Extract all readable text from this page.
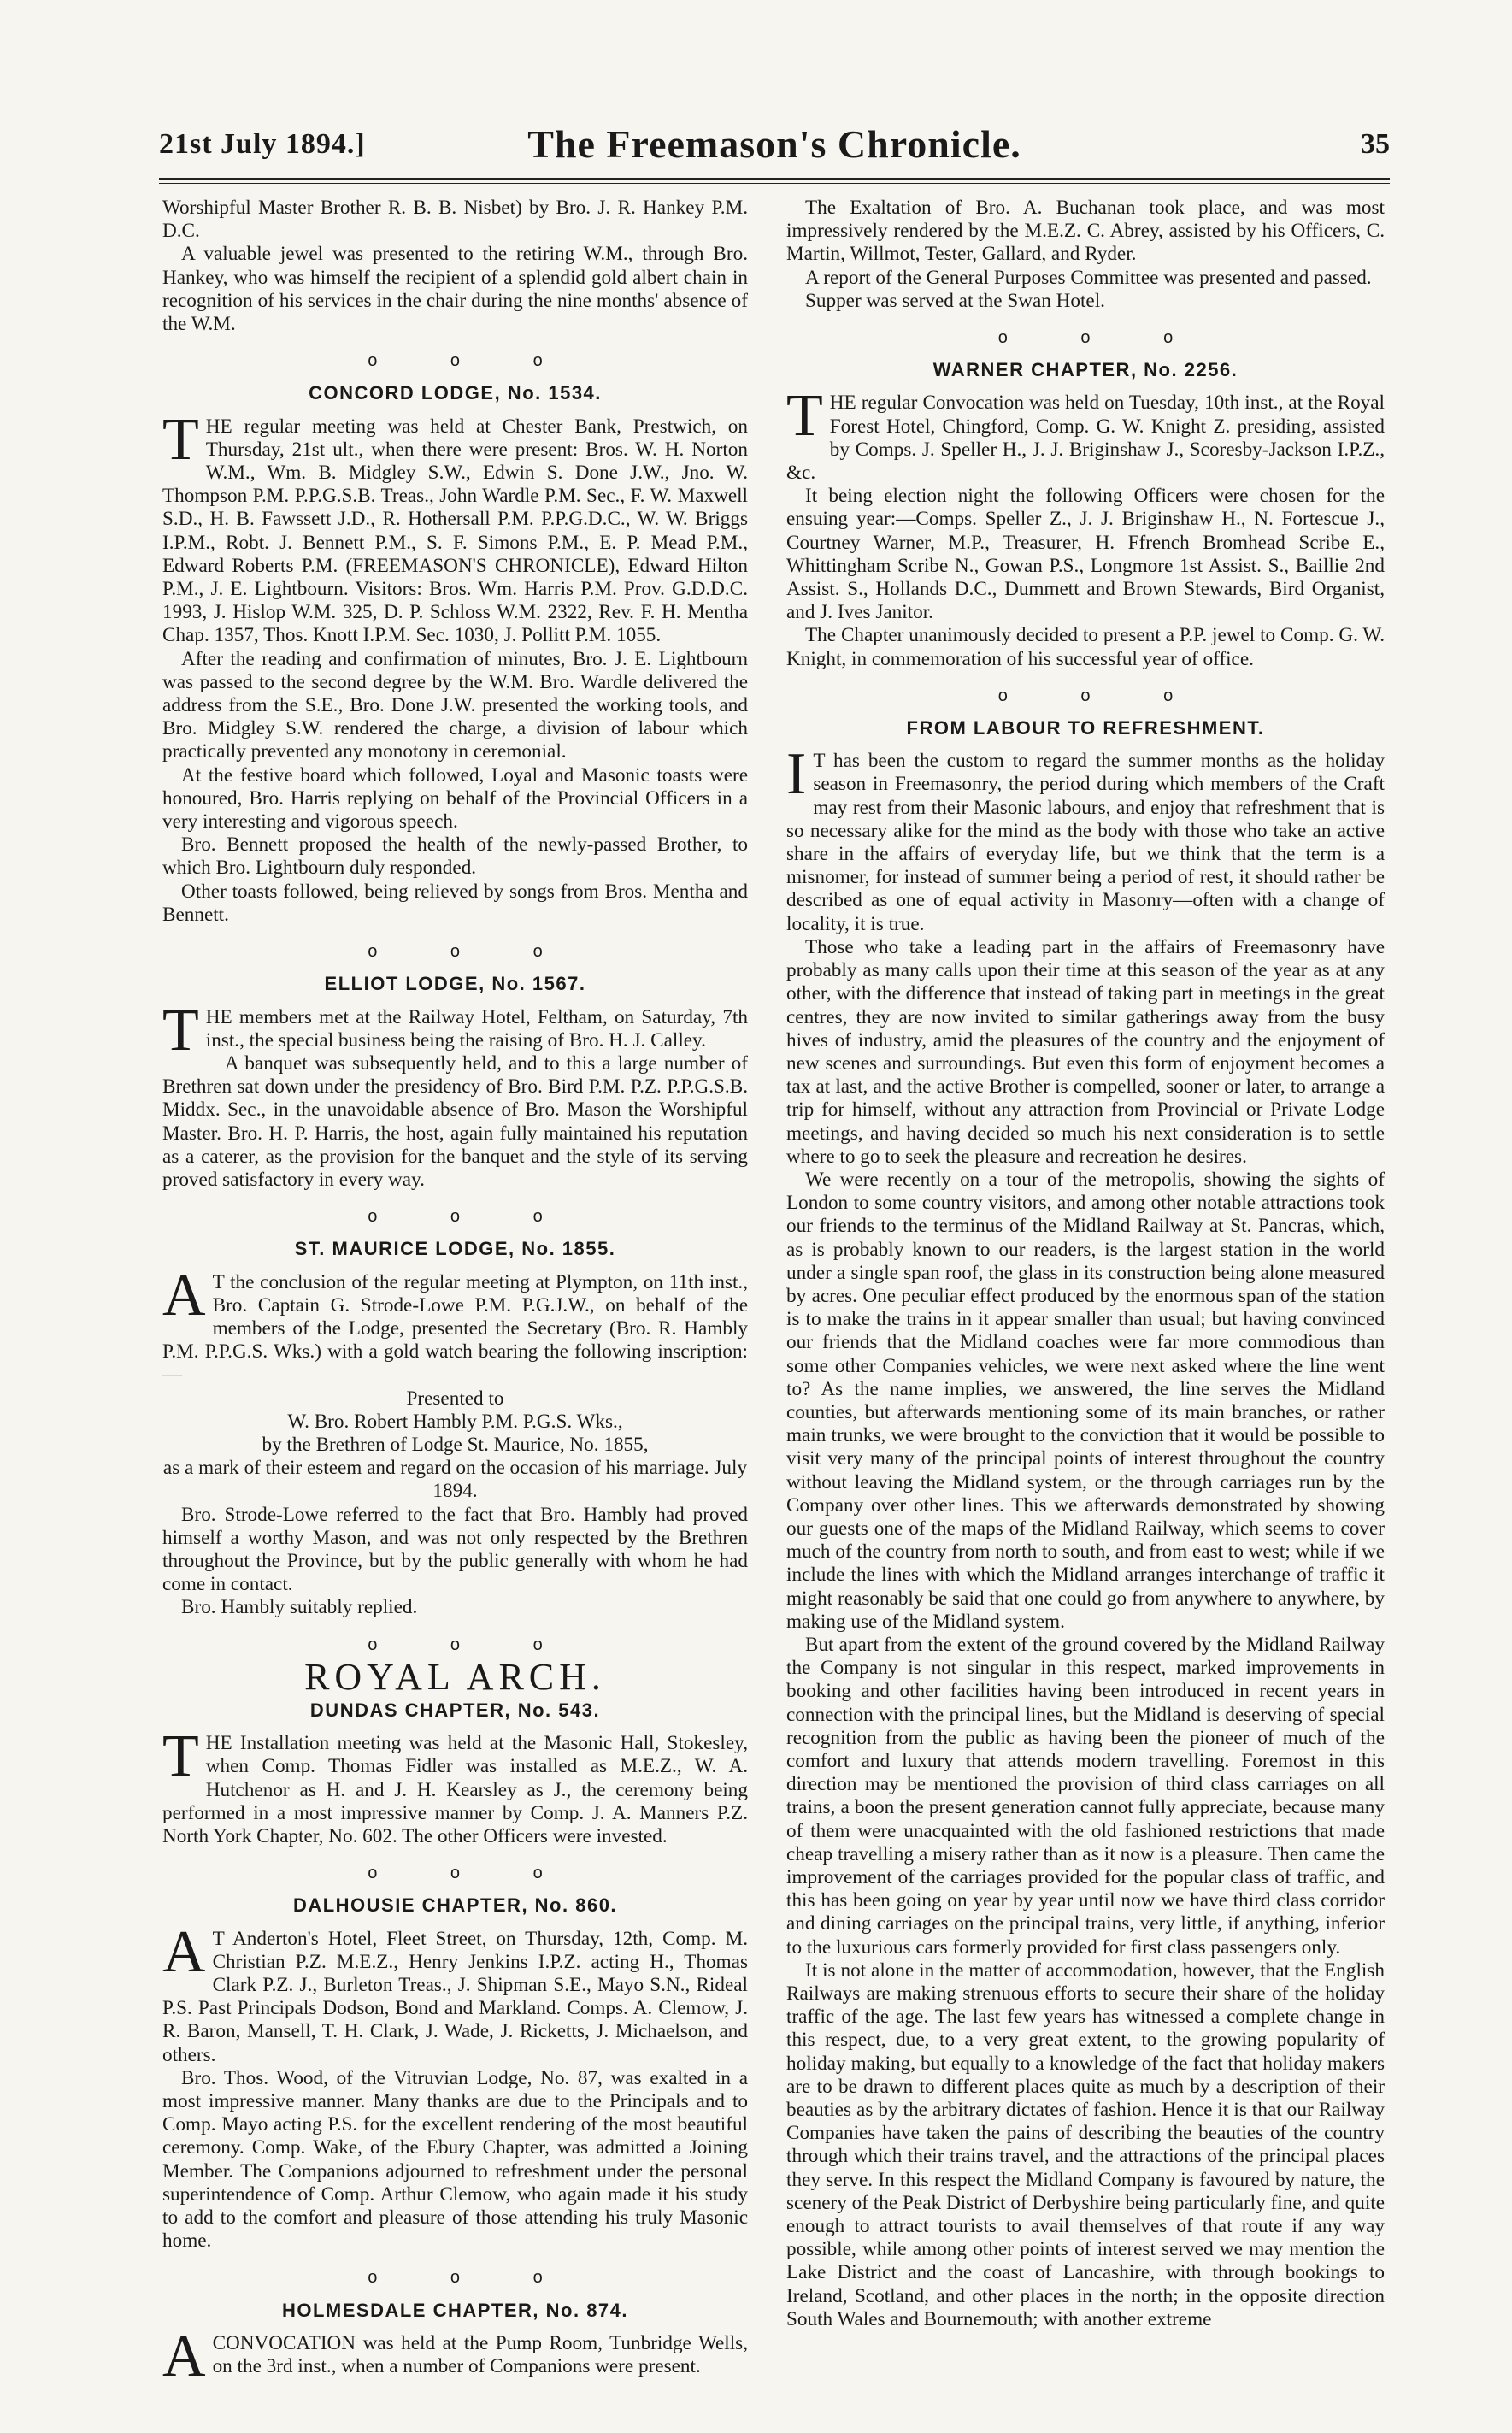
21st July 1894.]	The Freemason's Chronicle.	35

Worshipful Master Brother R. B. B. Nisbet) by Bro. J. R. Hankey P.M. D.C.

A valuable jewel was presented to the retiring W.M., through Bro. Hankey, who was himself the recipient of a splendid gold albert chain in recognition of his services in the chair during the nine months' absence of the W.M.

o o o
CONCORD LODGE, No. 1534.

THE regular meeting was held at Chester Bank, Prestwich, on Thursday, 21st ult., when there were present: Bros. W. H. Norton W.M., Wm. B. Midgley S.W., Edwin S. Done J.W., Jno. W. Thompson P.M. P.P.G.S.B. Treas., John Wardle P.M. Sec., F. W. Maxwell S.D., H. B. Fawssett J.D., R. Hothersall P.M. P.P.G.D.C., W. W. Briggs I.P.M., Robt. J. Bennett P.M., S. F. Simons P.M., E. P. Mead P.M., Edward Roberts P.M. (FREEMASON'S CHRONICLE), Edward Hilton P.M., J. E. Lightbourn. Visitors: Bros. Wm. Harris P.M. Prov. G.D.D.C. 1993, J. Hislop W.M. 325, D. P. Schloss W.M. 2322, Rev. F. H. Mentha Chap. 1357, Thos. Knott I.P.M. Sec. 1030, J. Pollitt P.M. 1055.

After the reading and confirmation of minutes, Bro. J. E. Lightbourn was passed to the second degree by the W.M. Bro. Wardle delivered the address from the S.E., Bro. Done J.W. presented the working tools, and Bro. Midgley S.W. rendered the charge, a division of labour which practically prevented any monotony in ceremonial.

At the festive board which followed, Loyal and Masonic toasts were honoured, Bro. Harris replying on behalf of the Provincial Officers in a very interesting and vigorous speech.

Bro. Bennett proposed the health of the newly-passed Brother, to which Bro. Lightbourn duly responded.

Other toasts followed, being relieved by songs from Bros. Mentha and Bennett.

o o o
ELLIOT LODGE, No. 1567.

THE members met at the Railway Hotel, Feltham, on Saturday, 7th inst., the special business being the raising of Bro. H. J. Calley.

A banquet was subsequently held, and to this a large number of Brethren sat down under the presidency of Bro. Bird P.M. P.Z. P.P.G.S.B. Middx. Sec., in the unavoidable absence of Bro. Mason the Worshipful Master. Bro. H. P. Harris, the host, again fully maintained his reputation as a caterer, as the provision for the banquet and the style of its serving proved satisfactory in every way.

o o o
ST. MAURICE LODGE, No. 1855.

AT the conclusion of the regular meeting at Plympton, on 11th inst., Bro. Captain G. Strode-Lowe P.M. P.G.J.W., on behalf of the members of the Lodge, presented the Secretary (Bro. R. Hambly P.M. P.P.G.S. Wks.) with a gold watch bearing the following inscription:—

Presented to

W. Bro. Robert Hambly P.M. P.G.S. Wks.,

by the Brethren of Lodge St. Maurice, No. 1855,

as a mark of their esteem and regard on the occasion of his marriage. July 1894.

Bro. Strode-Lowe referred to the fact that Bro. Hambly had proved himself a worthy Mason, and was not only respected by the Brethren throughout the Province, but by the public generally with whom he had come in contact.

Bro. Hambly suitably replied.

o o o
ROYAL ARCH.
DUNDAS CHAPTER, No. 543.

THE Installation meeting was held at the Masonic Hall, Stokesley, when Comp. Thomas Fidler was installed as M.E.Z., W. A. Hutchenor as H. and J. H. Kearsley as J., the ceremony being performed in a most impressive manner by Comp. J. A. Manners P.Z. North York Chapter, No. 602. The other Officers were invested.

o o o
DALHOUSIE CHAPTER, No. 860.

AT Anderton's Hotel, Fleet Street, on Thursday, 12th, Comp. M. Christian P.Z. M.E.Z., Henry Jenkins I.P.Z. acting H., Thomas Clark P.Z. J., Burleton Treas., J. Shipman S.E., Mayo S.N., Rideal P.S. Past Principals Dodson, Bond and Markland. Comps. A. Clemow, J. R. Baron, Mansell, T. H. Clark, J. Wade, J. Ricketts, J. Michaelson, and others.

Bro. Thos. Wood, of the Vitruvian Lodge, No. 87, was exalted in a most impressive manner. Many thanks are due to the Principals and to Comp. Mayo acting P.S. for the excellent rendering of the most beautiful ceremony. Comp. Wake, of the Ebury Chapter, was admitted a Joining Member. The Companions adjourned to refreshment under the personal superintendence of Comp. Arthur Clemow, who again made it his study to add to the comfort and pleasure of those attending his truly Masonic home.

o o o
HOLMESDALE CHAPTER, No. 874.

ACONVOCATION was held at the Pump Room, Tunbridge Wells, on the 3rd inst., when a number of Companions were present.

The Exaltation of Bro. A. Buchanan took place, and was most impressively rendered by the M.E.Z. C. Abrey, assisted by his Officers, C. Martin, Willmot, Tester, Gallard, and Ryder.

A report of the General Purposes Committee was presented and passed.

Supper was served at the Swan Hotel.

o o o
WARNER CHAPTER, No. 2256.

THE regular Convocation was held on Tuesday, 10th inst., at the Royal Forest Hotel, Chingford, Comp. G. W. Knight Z. presiding, assisted by Comps. J. Speller H., J. J. Briginshaw J., Scoresby-Jackson I.P.Z., &c.

It being election night the following Officers were chosen for the ensuing year:—Comps. Speller Z., J. J. Briginshaw H., N. Fortescue J., Courtney Warner, M.P., Treasurer, H. Ffrench Bromhead Scribe E., Whittingham Scribe N., Gowan P.S., Longmore 1st Assist. S., Baillie 2nd Assist. S., Hollands D.C., Dummett and Brown Stewards, Bird Organist, and J. Ives Janitor.

The Chapter unanimously decided to present a P.P. jewel to Comp. G. W. Knight, in commemoration of his successful year of office.

o o o
FROM LABOUR TO REFRESHMENT.

IT has been the custom to regard the summer months as the holiday season in Freemasonry, the period during which members of the Craft may rest from their Masonic labours, and enjoy that refreshment that is so necessary alike for the mind as the body with those who take an active share in the affairs of everyday life, but we think that the term is a misnomer, for instead of summer being a period of rest, it should rather be described as one of equal activity in Masonry—often with a change of locality, it is true.

Those who take a leading part in the affairs of Freemasonry have probably as many calls upon their time at this season of the year as at any other, with the difference that instead of taking part in meetings in the great centres, they are now invited to similar gatherings away from the busy hives of industry, amid the pleasures of the country and the enjoyment of new scenes and surroundings. But even this form of enjoyment becomes a tax at last, and the active Brother is compelled, sooner or later, to arrange a trip for himself, without any attraction from Provincial or Private Lodge meetings, and having decided so much his next consideration is to settle where to go to seek the pleasure and recreation he desires.

We were recently on a tour of the metropolis, showing the sights of London to some country visitors, and among other notable attractions took our friends to the terminus of the Midland Railway at St. Pancras, which, as is probably known to our readers, is the largest station in the world under a single span roof, the glass in its construction being alone measured by acres. One peculiar effect produced by the enormous span of the station is to make the trains in it appear smaller than usual; but having convinced our friends that the Midland coaches were far more commodious than some other Companies vehicles, we were next asked where the line went to? As the name implies, we answered, the line serves the Midland counties, but afterwards mentioning some of its main branches, or rather main trunks, we were brought to the conviction that it would be possible to visit very many of the principal points of interest throughout the country without leaving the Midland system, or the through carriages run by the Company over other lines. This we afterwards demonstrated by showing our guests one of the maps of the Midland Railway, which seems to cover much of the country from north to south, and from east to west; while if we include the lines with which the Midland arranges interchange of traffic it might reasonably be said that one could go from anywhere to anywhere, by making use of the Midland system.

But apart from the extent of the ground covered by the Midland Railway the Company is not singular in this respect, marked improvements in booking and other facilities having been introduced in recent years in connection with the principal lines, but the Midland is deserving of special recognition from the public as having been the pioneer of much of the comfort and luxury that attends modern travelling. Foremost in this direction may be mentioned the provision of third class carriages on all trains, a boon the present generation cannot fully appreciate, because many of them were unacquainted with the old fashioned restrictions that made cheap travelling a misery rather than as it now is a pleasure. Then came the improvement of the carriages provided for the popular class of traffic, and this has been going on year by year until now we have third class corridor and dining carriages on the principal trains, very little, if anything, inferior to the luxurious cars formerly provided for first class passengers only.

It is not alone in the matter of accommodation, however, that the English Railways are making strenuous efforts to secure their share of the holiday traffic of the age. The last few years has witnessed a complete change in this respect, due, to a very great extent, to the growing popularity of holiday making, but equally to a knowledge of the fact that holiday makers are to be drawn to different places quite as much by a description of their beauties as by the arbitrary dictates of fashion. Hence it is that our Railway Companies have taken the pains of describing the beauties of the country through which their trains travel, and the attractions of the principal places they serve. In this respect the Midland Company is favoured by nature, the scenery of the Peak District of Derbyshire being particularly fine, and quite enough to attract tourists to avail themselves of that route if any way possible, while among other points of interest served we may mention the Lake District and the coast of Lancashire, with through bookings to Ireland, Scotland, and other places in the north; in the opposite direction South Wales and Bournemouth; with another extreme
